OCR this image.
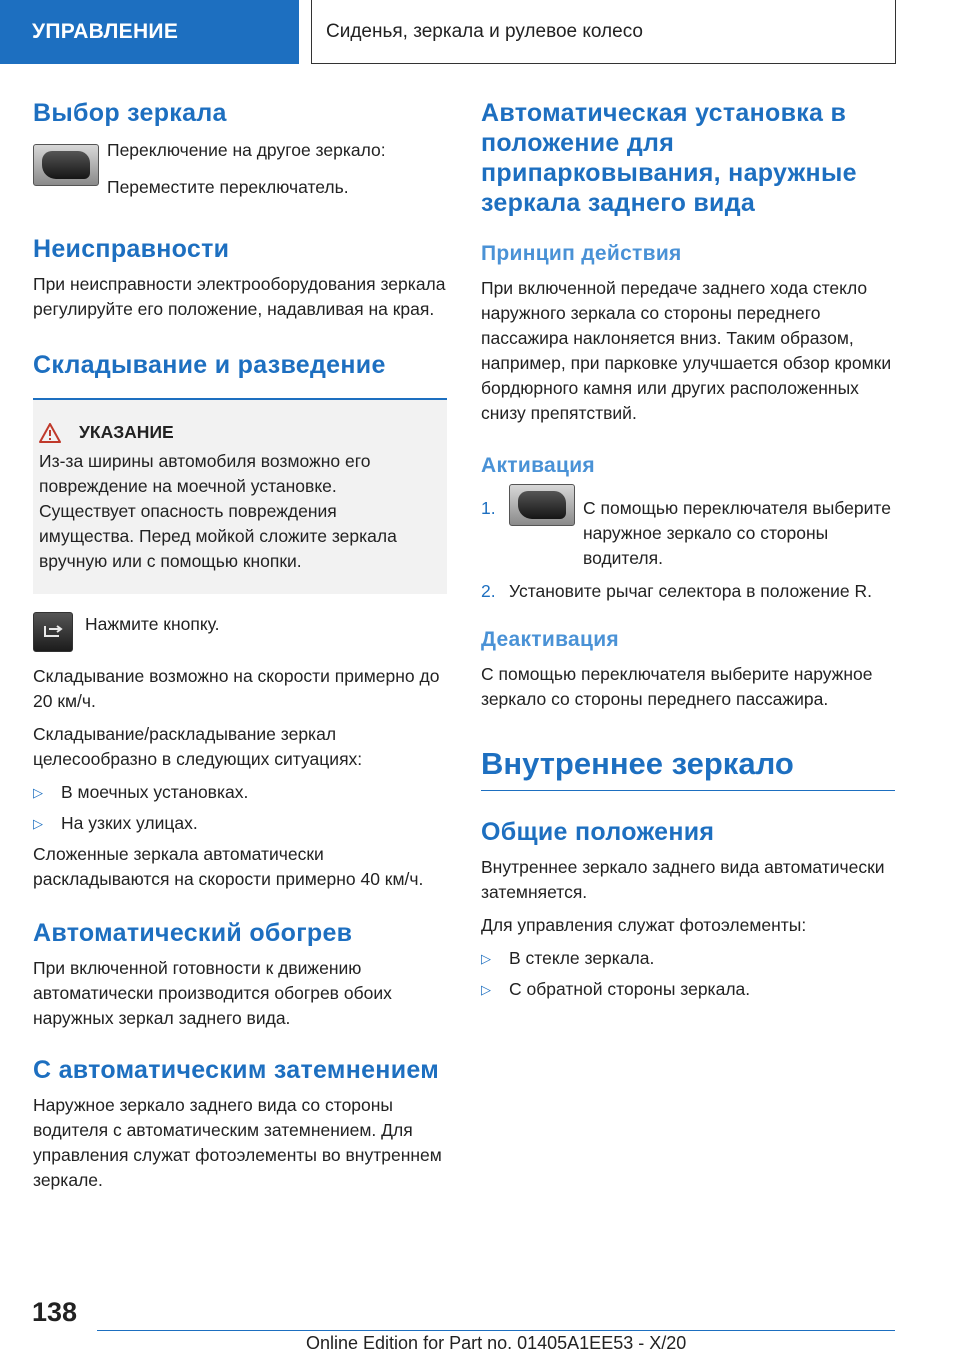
УПРАВЛЕНИЕ	Сиденья, зеркала и рулевое колесо
Выбор зеркала

Переключение на другое зеркало:

Переместите переключатель.

Неисправности

При неисправности электрооборудования зеркала регулируйте его положение, надавливая на края.

Складывание и разведение
УКАЗАНИЕ

Из-за ширины автомобиля возможно его повреждение на моечной установке. Существует опасность повреждения имущества. Перед мойкой сложите зеркала вручную или с помощью кнопки.

Нажмите кнопку.

Складывание возможно на скорости примерно до 20 км/ч.

Складывание/раскладывание зеркал целесообразно в следующих ситуациях:

▷	В моечных установках.
▷	На узких улицах.

Сложенные зеркала автоматически раскладываются на скорости примерно 40 км/ч.

Автоматический обогрев

При включенной готовности к движению автоматически производится обогрев обоих наружных зеркал заднего вида.

С автоматическим затемнением

Наружное зеркало заднего вида со стороны водителя с автоматическим затемнением. Для управления служат фотоэлементы во внутреннем зеркале.

Автоматическая установка в положение для припарковывания, наружные зеркала заднего вида
Принцип действия

При включенной передаче заднего хода стекло наружного зеркала со стороны переднего пассажира наклоняется вниз. Таким образом, например, при парковке улучшается обзор кромки бордюрного камня или других расположенных снизу препятствий.

Активация
1.	С помощью переключателя выберите наружное зеркало со стороны водителя.

2. Установите рычаг селектора в положение R.

Деактивация

С помощью переключателя выберите наружное зеркало со стороны переднего пассажира.

Внутреннее зеркало
Общие положения

Внутреннее зеркало заднего вида автоматически затемняется.

Для управления служат фотоэлементы:

▷	В стекле зеркала.
▷	С обратной стороны зеркала.
138
Online Edition for Part no. 01405A1EE53 - X/20
